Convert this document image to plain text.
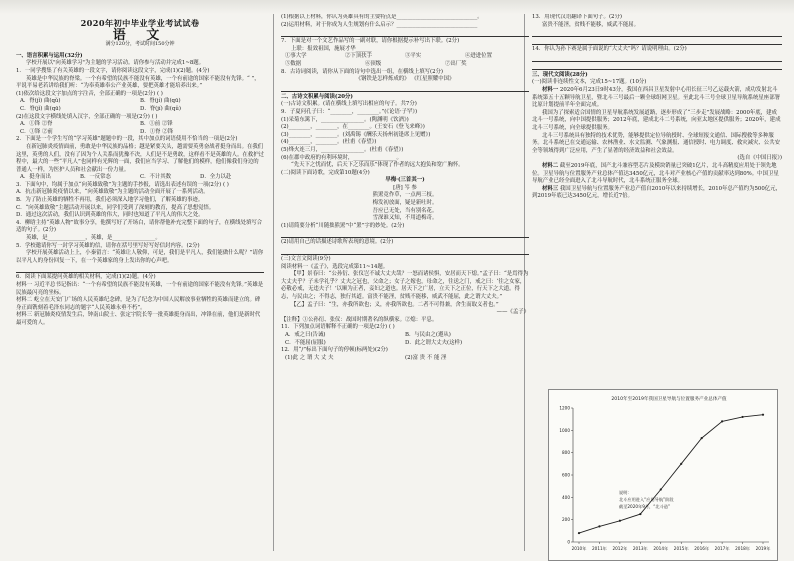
2020年初中毕业学业考试试卷
语 文
满分120分，考试时间150分钟

一、语言积累与运用(32分)

学校开展以"向英雄学习"为主题的学习活动。请你参与活动并完成1~8题。

1．一同学搜集了有关英雄的一段文字，请你阅读这段文字，完成(1)(2)题。(4分)

英雄是中华民族的脊梁。一个有希望的民族不能没有英雄，一个有前途的国家不能没有先锋。“ ”，平说平易老若讲给我们听：“为奉英雄奉公产业英雄，要把英雄才能培养出来。”

(1)依次给这段文字加点的字注音，全部正确的一项是(2分) ( )

A．脊(jǐ) 曲(qǔ)	B．脊(jí) 曲(qū)
C．脊(jǐ) 曲(qū)	D．脊(jí) 曲(qǔ)

(2)在这段文字横线处填入汉字，全部正确的一项是(2分) ( )

A．①锋 ②脊	B．①前 ②锋
C．①锋 ②前	D．①脊 ②锋

2．下面是一个学生写的“学习英雄”题题中的一段，其中加点的词语使用不恰当的一项是(2分)

在新冠肺炎疫情面前，勇敢是中华民族的品格；越是紧要关头，越需要英勇奋战者挺身而出。在我们这里，英勇的人们，没有了因为个人关系而犹豫不决，人们是不是勇敢，这样看不是英雄的人。在救护过程中，最大的一些“平凡人”也同样有光辉的一面，我们应当学习、了解他们的模样，他们像我们身边的普通人一样，为医护人员和社会献出一份力量。

A．挺身而出	B．一反常态	C．不计其数	D．全力以赴

3．下面句中，均属于加点“向英雄致敬”为主题的手抄报，请选出表述有误的一项(2分) ( )

A．抗击新冠肺炎疫情以来，“向英雄致敬”为主题的活动全面开展了一系列活动。

B．为了防止英雄的牺牲不再用，我们必须深入地学习他们，了解英雄的事迹。

C．“向英雄致敬”主题活动开展以来，同学们受到了深刻的教育，提高了思想觉悟。

D．通过这次活动，我们认识到英雄的伟大，同时也知道了平凡人的伟大之处。

4．柳晗主持“英雄人物”故事分享，他撰写好了开场白，请你帮他补充完整下面的句子，在横线处填写合适的句子。(2分)

英雄，是______________，英雄，是________________。

5．学校邀请你写一封学习英雄的信，请你在括号里写好写好信封内容。(2分)

学校开展英雄活动上上，小秦留言：“英雄让人敬仰，可是，我们是平凡人，我们能做什么呢？”请你以平凡人的身份回复一下，在一个英雄家的身上发出你的心声吧。

6．阅读下面某提问英雄的相关材料，完成(1)(2)题。(4分)

材料一 习近平总书记指出：“一个有希望的民族不能没有英雄，一个有前途的国家不能没有先锋。”英雄是民族最闪亮的坐标。

材料二 屹立在天安门广场的人民英雄纪念碑，是为了纪念为中国人民解放事业牺牲的英雄而建立的。碑身正面镌刻着毛泽东同志的题字“人民英雄永垂不朽”。

材料三 新冠肺炎疫情发生后，钟南山院士、张定宇院长等一批英雄挺身而出，冲锋在前，他们是新时代最可爱的人。

(1)根据以上材料，你认为英雄具有的主要特点是______________________________。

(2)运用材料，对于你成为人生规划有什么启示？______________________________

7．下面是对一个文艺作品写的一副对联，请你根据提示补写出下联。(2分)

上联：报效祖国，施展才华______

①事大学	②下顶扶手	③平实	④进进位置
⑤数据	⑥顶级	⑦出厂奖

8．古诗词阅读，请你从下面的诗句中选出一组，在横线上填写(2分)

《钢铁是怎样炼成的》 《红星照耀中国》

二、古诗文积累与阅读(20分)

(一)古诗文积累。(请在横线上填写出相应的句子。共7分)

9．子夏问孔子曰：“________，________。”(《论语·子罕》)

(1)采菊东篱下，________________。(陶渊明《饮酒》)

(2)________，________，在________。(王安石《登飞来峰》)

(3)________，________。(刘禹锡《酬乐天扬州初逢席上见赠》)

(4)________，________。(杜甫《春望》)

(5)烽火连三月，________________。(杜甫《春望》)

(6)在郡中政府的有利环境时，________________。

“先天下之忧而忧，后天下之乐而乐”体现了作者的远大抱负和宽广胸怀。

(二)阅读下面诗歌，完成第10题(4分)

早梅·(三首其一)

[唐] 岑 参

熊罴竟作草，一点两三枝。

梅发初放面，疑是新吐时。

吾应已无处，当有别名花。

雪深谁又知，不用道梅奇。

(1)请简要分析“川随拙熊罴”中“罴”字的妙处。(2分)

(2)请用自己的话描述诗歌所表现的意境。(2分)

(三)文言文阅读(9分)

阅读材料一《孟子》，选段完成第11~14题。

【甲】景春曰：“公孙衍、张仪岂不诚大丈夫哉？一怒而诸侯惧，安居而天下熄。”孟子曰：“是焉得为大丈夫乎？子未学礼乎？丈夫之冠也，父命之；女子之嫁也，母命之，往送之门，戒之曰：‘往之女家，必敬必戒，无违夫子！’以顺为正者，妾妇之道也。居天下之广居，立天下之正位，行天下之大道。得志，与民由之；不得志，独行其道。富贵不能淫，贫贱不能移，威武不能屈，此之谓大丈夫。”

【乙】孟子曰：“生，亦我所欲也；义，亦我所欲也。二者不可得兼，舍生而取义者也。”

——《孟子》

【注释】①公孙衍、张仪：战国时期著名的纵横家。②熄：平息。

11．下列加点词语解释不正确的一项是(2分) ( )

A．戒之曰(告诫)	B．与民由之(遵从)
C．不能屈(屈服)	D．此之谓大丈夫(这样)

12．用“/”标出下面句子的停顿(标两处)(2分)

(1)此 之 谓 大 丈 夫	(2)富 贵 不 能 淫

13．用现代汉语翻译下面句子。(2分)

富贵不能淫，贫贱不能移，威武不能屈。

14．你认为孙下赛是属于面说的“大丈夫”吗？请说明理由。(2分)

三、现代文阅读(28分)

(一)阅读非连续性文本，完成15~17题。(10分)

材料一 2020年6月23日9时43分，我国在西昌卫星发射中心用长征三号乙运载火箭，成功发射北斗系统第五十五颗导航卫星，暨北斗三号最后一颗全球组网卫星。至此北斗三号全球卫星导航系统星座部署比原计划提前半年全面完成。

我国为了探索适合国情的卫星导航系统发展道路，逐步形成了“三步走”发展战略：2000年底，建成北斗一号系统，向中国提供服务；2012年底，建成北斗二号系统，向亚太地区提供服务；2020年，建成北斗三号系统，向全球提供服务。

北斗三号系统具有独特的技术优势，能够提供定位导航授时、全球短报文通信、国际搜救等多种服务。北斗系统已在交通运输、农林渔业、水文监测、气象测报、通信授时、电力调度、救灾减灾、公共安全等领域得到广泛应用，产生了显著的经济效益和社会效益。

(选自《中国日报》)

材料二 截至2019年底，国产北斗兼容型芯片及模块销量已突破1亿片，北斗高精度应用处于领先地位。卫星导航与位置服务产业总体产值达3450亿元，北斗对产业核心产值的贡献率达到80%。中国卫星导航产业已经全面进入了北斗导航时代，北斗系统正服务全球。

材料三 我国卫星导航与位置服务产业总产值自2010年以来持续增长，2010年总产值约为500亿元，到2019年底已达3450亿元，增长近7倍。

2010年至2019年我国卫星导航与位置服务产业总体产值
0
200
400
600
800
1000
1200
2010年 2011年 2012年 2013年 2014年 2015年 2016年 2017年 2018年 2019年
说明：
北斗应用进入“应用导航”阶段
截至2020年9月，“北斗造”
